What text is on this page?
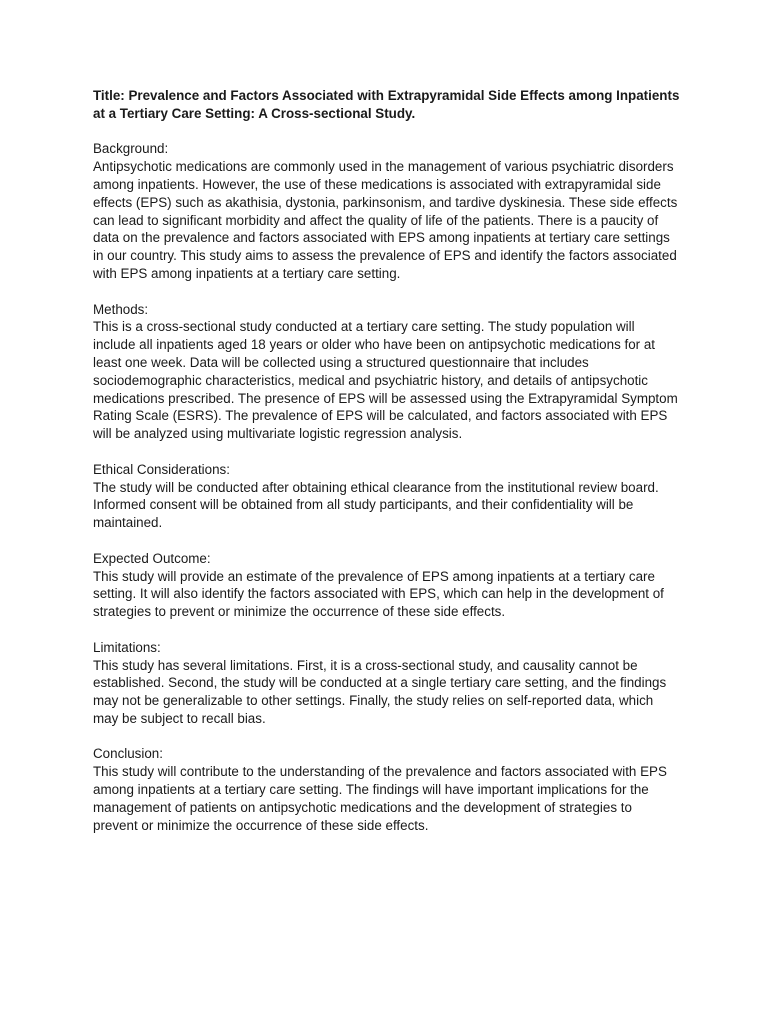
Title: Prevalence and Factors Associated with Extrapyramidal Side Effects among Inpatients at a Tertiary Care Setting: A Cross-sectional Study.

Background:

Antipsychotic medications are commonly used in the management of various psychiatric disorders among inpatients. However, the use of these medications is associated with extrapyramidal side effects (EPS) such as akathisia, dystonia, parkinsonism, and tardive dyskinesia. These side effects can lead to significant morbidity and affect the quality of life of the patients. There is a paucity of data on the prevalence and factors associated with EPS among inpatients at tertiary care settings in our country. This study aims to assess the prevalence of EPS and identify the factors associated with EPS among inpatients at a tertiary care setting.

Methods:

This is a cross-sectional study conducted at a tertiary care setting. The study population will include all inpatients aged 18 years or older who have been on antipsychotic medications for at least one week. Data will be collected using a structured questionnaire that includes sociodemographic characteristics, medical and psychiatric history, and details of antipsychotic medications prescribed. The presence of EPS will be assessed using the Extrapyramidal Symptom Rating Scale (ESRS). The prevalence of EPS will be calculated, and factors associated with EPS will be analyzed using multivariate logistic regression analysis.

Ethical Considerations:

The study will be conducted after obtaining ethical clearance from the institutional review board. Informed consent will be obtained from all study participants, and their confidentiality will be maintained.

Expected Outcome:

This study will provide an estimate of the prevalence of EPS among inpatients at a tertiary care setting. It will also identify the factors associated with EPS, which can help in the development of strategies to prevent or minimize the occurrence of these side effects.

Limitations:

This study has several limitations. First, it is a cross-sectional study, and causality cannot be established. Second, the study will be conducted at a single tertiary care setting, and the findings may not be generalizable to other settings. Finally, the study relies on self-reported data, which may be subject to recall bias.

Conclusion:

This study will contribute to the understanding of the prevalence and factors associated with EPS among inpatients at a tertiary care setting. The findings will have important implications for the management of patients on antipsychotic medications and the development of strategies to prevent or minimize the occurrence of these side effects.
